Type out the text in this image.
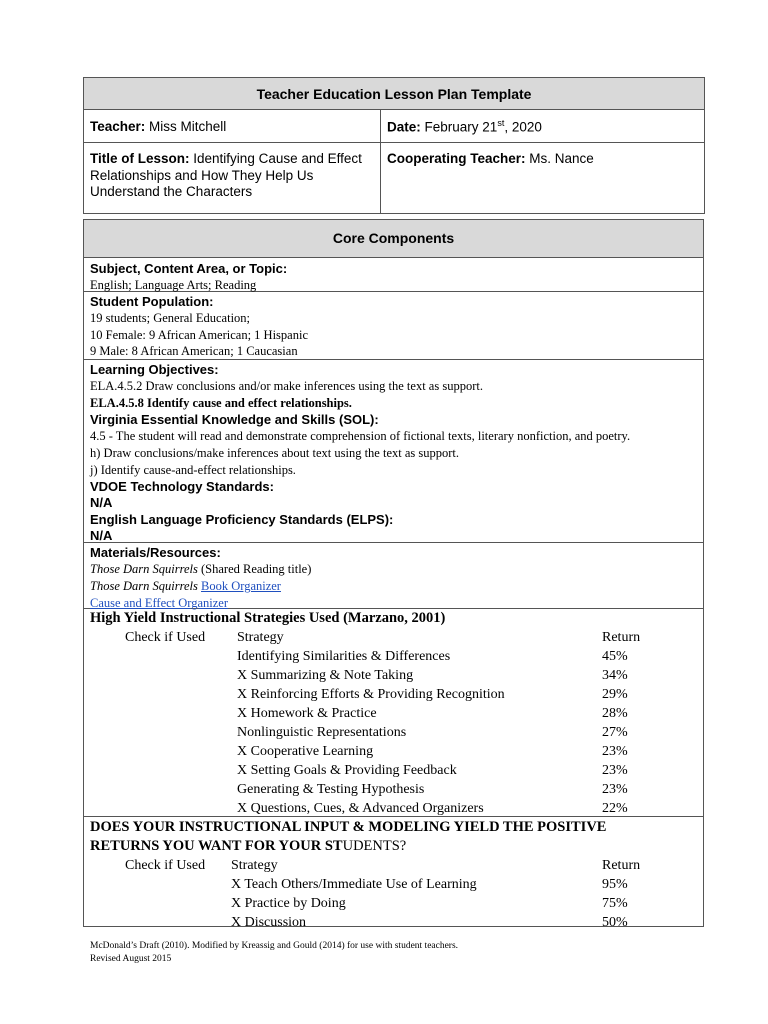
Teacher Education Lesson Plan Template	
Teacher: Miss Mitchell	Date: February 21st, 2020
Title of Lesson: Identifying Cause and Effect Relationships and How They Help Us Understand the Characters	Cooperating Teacher: Ms. Nance
Core Components
Subject, Content Area, or Topic:
English; Language Arts; Reading
Student Population:
19 students; General Education;
10 Female: 9 African American; 1 Hispanic
9 Male: 8 African American; 1 Caucasian
Learning Objectives:
ELA.4.5.2 Draw conclusions and/or make inferences using the text as support.
ELA.4.5.8 Identify cause and effect relationships.
Virginia Essential Knowledge and Skills (SOL):
4.5 - The student will read and demonstrate comprehension of fictional texts, literary nonfiction, and poetry.
h) Draw conclusions/make inferences about text using the text as support.
j) Identify cause-and-effect relationships.
VDOE Technology Standards:
N/A
English Language Proficiency Standards (ELPS):
N/A
Materials/Resources:
Those Darn Squirrels (Shared Reading title)
Those Darn Squirrels Book Organizer
Cause and Effect Organizer
High Yield Instructional Strategies Used (Marzano, 2001)
Check if Used Strategy	Return
Identifying Similarities & Differences	45%
X Summarizing & Note Taking	34%
X Reinforcing Efforts & Providing Recognition	29%
X Homework & Practice	28%
Nonlinguistic Representations	27%
X Cooperative Learning	23%
X Setting Goals & Providing Feedback	23%
Generating & Testing Hypothesis	23%
X Questions, Cues, & Advanced Organizers	22%
DOES YOUR INSTRUCTIONAL INPUT & MODELING YIELD THE POSITIVE
RETURNS YOU WANT FOR YOUR STUDENTS?
Check if Used Strategy	Return
X Teach Others/Immediate Use of Learning	95%
X Practice by Doing	75%
X Discussion	50%
McDonald’s Draft (2010). Modified by Kreassig and Gould (2014) for use with student teachers.
Revised August 2015
